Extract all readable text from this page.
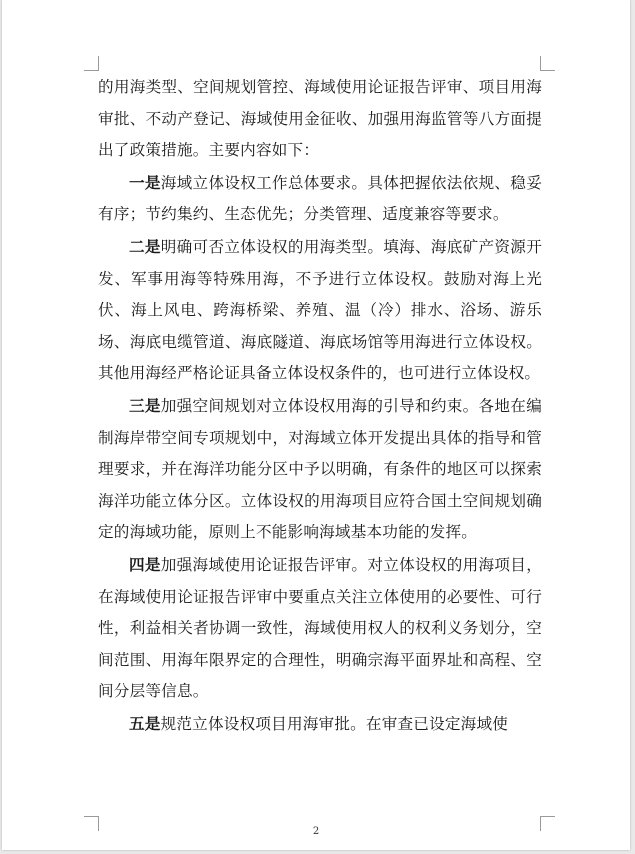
的用海类型、空间规划管控、海域使用论证报告评审、项目用海审批、不动产登记、海域使用金征收、加强用海监管等八方面提出了政策措施。主要内容如下：

一是海域立体设权工作总体要求。具体把握依法依规、稳妥有序；节约集约、生态优先；分类管理、适度兼容等要求。

二是明确可否立体设权的用海类型。填海、海底矿产资源开发、军事用海等特殊用海，不予进行立体设权。鼓励对海上光伏、海上风电、跨海桥梁、养殖、温（冷）排水、浴场、游乐场、海底电缆管道、海底隧道、海底场馆等用海进行立体设权。其他用海经严格论证具备立体设权条件的，也可进行立体设权。

三是加强空间规划对立体设权用海的引导和约束。各地在编制海岸带空间专项规划中，对海域立体开发提出具体的指导和管理要求，并在海洋功能分区中予以明确，有条件的地区可以探索海洋功能立体分区。立体设权的用海项目应符合国土空间规划确定的海域功能，原则上不能影响海域基本功能的发挥。

四是加强海域使用论证报告评审。对立体设权的用海项目，在海域使用论证报告评审中要重点关注立体使用的必要性、可行性，利益相关者协调一致性，海域使用权人的权利义务划分，空间范围、用海年限界定的合理性，明确宗海平面界址和高程、空间分层等信息。

五是规范立体设权项目用海审批。在审查已设定海域使

2
